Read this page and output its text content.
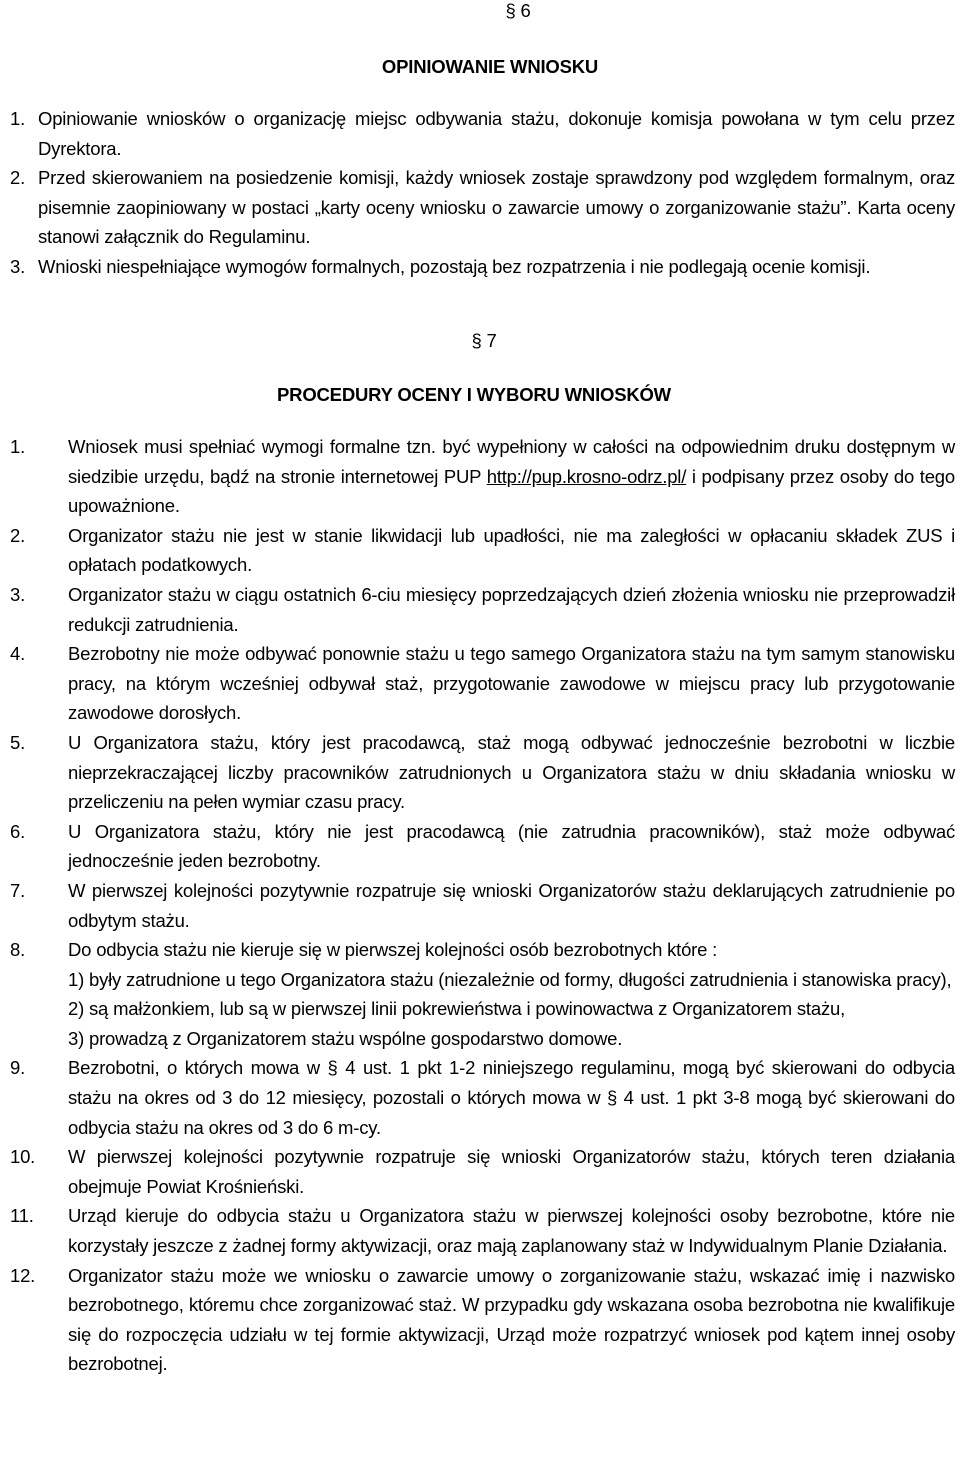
§ 6
OPINIOWANIE WNIOSKU
1. Opiniowanie wniosków o organizację miejsc odbywania stażu, dokonuje komisja powołana w tym celu przez Dyrektora.
2. Przed skierowaniem na posiedzenie komisji, każdy wniosek zostaje sprawdzony pod względem formalnym, oraz pisemnie zaopiniowany w postaci „karty oceny wniosku o zawarcie umowy o zorganizowanie stażu”. Karta oceny stanowi załącznik do Regulaminu.
3. Wnioski niespełniające wymogów formalnych, pozostają bez rozpatrzenia i nie podlegają ocenie komisji.
§ 7
PROCEDURY OCENY I WYBORU WNIOSKÓW
1. Wniosek musi spełniać wymogi formalne tzn. być wypełniony w całości na odpowiednim druku dostępnym w siedzibie urzędu, bądź na stronie internetowej PUP http://pup.krosno-odrz.pl/ i podpisany przez osoby do tego upoważnione.
2. Organizator stażu nie jest w stanie likwidacji lub upadłości, nie ma zaległości w opłacaniu składek ZUS i opłatach podatkowych.
3. Organizator stażu w ciągu ostatnich 6-ciu miesięcy poprzedzających dzień złożenia wniosku nie przeprowadził redukcji zatrudnienia.
4. Bezrobotny nie może odbywać ponownie stażu u tego samego Organizatora stażu na tym samym stanowisku pracy, na którym wcześniej odbywał staż, przygotowanie zawodowe w miejscu pracy lub przygotowanie zawodowe dorosłych.
5. U Organizatora stażu, który jest pracodawcą, staż mogą odbywać jednocześnie bezrobotni w liczbie nieprzekraczającej liczby pracowników zatrudnionych u Organizatora stażu w dniu składania wniosku w przeliczeniu na pełen wymiar czasu pracy.
6. U Organizatora stażu, który nie jest pracodawcą (nie zatrudnia pracowników), staż może odbywać jednocześnie jeden bezrobotny.
7. W pierwszej kolejności pozytywnie rozpatruje się wnioski Organizatorów stażu deklarujących zatrudnienie po odbytym stażu.
8. Do odbycia stażu nie kieruje się w pierwszej kolejności osób bezrobotnych które :
1) były zatrudnione u tego Organizatora stażu (niezależnie od formy, długości zatrudnienia i stanowiska pracy),
2) są małżonkiem, lub są w pierwszej linii pokrewieństwa i powinowactwa z Organizatorem stażu,
3) prowadzą z Organizatorem stażu wspólne gospodarstwo domowe.
9. Bezrobotni, o których mowa w § 4 ust. 1 pkt 1-2 niniejszego regulaminu, mogą być skierowani do odbycia stażu na okres od 3 do 12 miesięcy, pozostali o których mowa w § 4 ust. 1 pkt 3-8 mogą być skierowani do odbycia stażu na okres od 3 do 6 m-cy.
10. W pierwszej kolejności pozytywnie rozpatruje się wnioski Organizatorów stażu, których teren działania obejmuje Powiat Krośnieński.
11. Urząd kieruje do odbycia stażu u Organizatora stażu w pierwszej kolejności osoby bezrobotne, które nie korzystały jeszcze z żadnej formy aktywizacji, oraz mają zaplanowany staż w Indywidualnym Planie Działania.
12. Organizator stażu może we wniosku o zawarcie umowy o zorganizowanie stażu, wskazać imię i nazwisko bezrobotnego, któremu chce zorganizować staż. W przypadku gdy wskazana osoba bezrobotna nie kwalifikuje się do rozpoczęcia udziału w tej formie aktywizacji, Urząd może rozpatrzyć wniosek pod kątem innej osoby bezrobotnej.
